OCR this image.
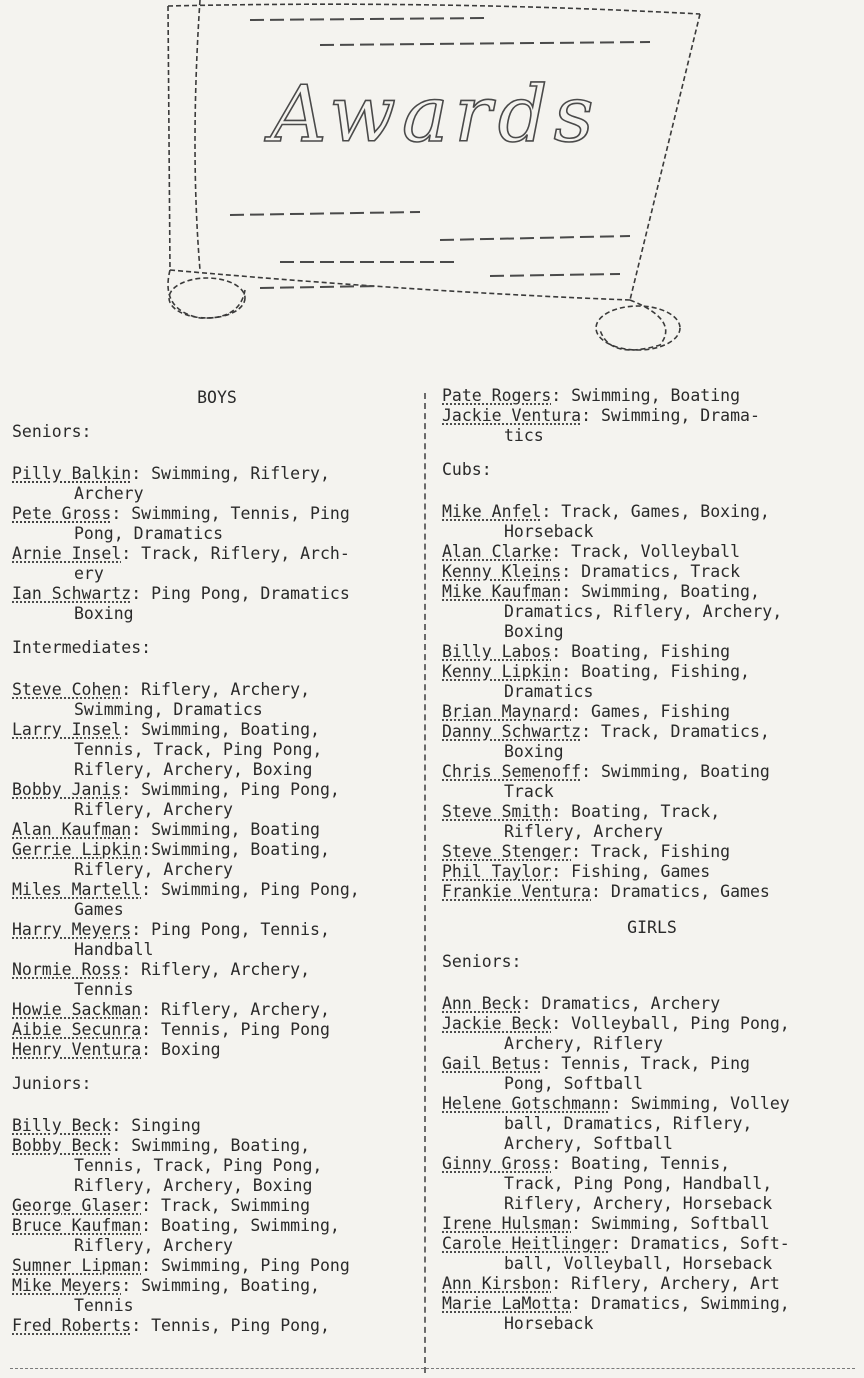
Awards
BOYS
Seniors:
Pilly Balkin: Swimming, Riflery,
Archery
Pete Gross: Swimming, Tennis, Ping
Pong, Dramatics
Arnie Insel: Track, Riflery, Arch-
ery
Ian Schwartz: Ping Pong, Dramatics
Boxing
Intermediates:
Steve Cohen: Riflery, Archery,
Swimming, Dramatics
Larry Insel: Swimming, Boating,
Tennis, Track, Ping Pong,
Riflery, Archery, Boxing
Bobby Janis: Swimming, Ping Pong,
Riflery, Archery
Alan Kaufman: Swimming, Boating
Gerrie Lipkin:Swimming, Boating,
Riflery, Archery
Miles Martell: Swimming, Ping Pong,
Games
Harry Meyers: Ping Pong, Tennis,
Handball
Normie Ross: Riflery, Archery,
Tennis
Howie Sackman: Riflery, Archery,
Aibie Secunra: Tennis, Ping Pong
Henry Ventura: Boxing
Juniors:
Billy Beck: Singing
Bobby Beck: Swimming, Boating,
Tennis, Track, Ping Pong,
Riflery, Archery, Boxing
George Glaser: Track, Swimming
Bruce Kaufman: Boating, Swimming,
Riflery, Archery
Sumner Lipman: Swimming, Ping Pong
Mike Meyers: Swimming, Boating,
Tennis
Fred Roberts: Tennis, Ping Pong,
Pate Rogers: Swimming, Boating
Jackie Ventura: Swimming, Drama-
tics
Cubs:
Mike Anfel: Track, Games, Boxing,
Horseback
Alan Clarke: Track, Volleyball
Kenny Kleins: Dramatics, Track
Mike Kaufman: Swimming, Boating,
Dramatics, Riflery, Archery,
Boxing
Billy Labos: Boating, Fishing
Kenny Lipkin: Boating, Fishing,
Dramatics
Brian Maynard: Games, Fishing
Danny Schwartz: Track, Dramatics,
Boxing
Chris Semenoff: Swimming, Boating
Track
Steve Smith: Boating, Track,
Riflery, Archery
Steve Stenger: Track, Fishing
Phil Taylor: Fishing, Games
Frankie Ventura: Dramatics, Games
GIRLS
Seniors:
Ann Beck: Dramatics, Archery
Jackie Beck: Volleyball, Ping Pong,
Archery, Riflery
Gail Betus: Tennis, Track, Ping
Pong, Softball
Helene Gotschmann: Swimming, Volley
ball, Dramatics, Riflery,
Archery, Softball
Ginny Gross: Boating, Tennis,
Track, Ping Pong, Handball,
Riflery, Archery, Horseback
Irene Hulsman: Swimming, Softball
Carole Heitlinger: Dramatics, Soft-
ball, Volleyball, Horseback
Ann Kirsbon: Riflery, Archery, Art
Marie LaMotta: Dramatics, Swimming,
Horseback
